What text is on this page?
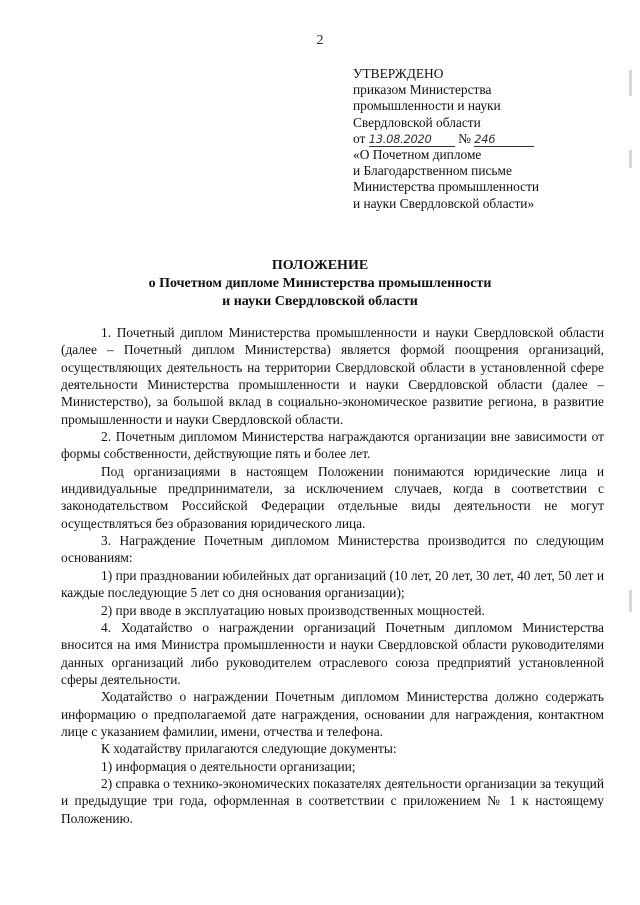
2
УТВЕРЖДЕНО
приказом Министерства
промышленности и науки
Свердловской области
от 13.08.2020 № 246
«О Почетном дипломе
и Благодарственном письме
Министерства промышленности
и науки Свердловской области»
ПОЛОЖЕНИЕ
о Почетном дипломе Министерства промышленности
и науки Свердловской области

1. Почетный диплом Министерства промышленности и науки Свердловской области (далее – Почетный диплом Министерства) является формой поощрения организаций, осуществляющих деятельность на территории Свердловской области в установленной сфере деятельности Министерства промышленности и науки Свердловской области (далее – Министерство), за большой вклад в социально-экономическое развитие региона, в развитие промышленности и науки Свердловской области.

2. Почетным дипломом Министерства награждаются организации вне зависимости от формы собственности, действующие пять и более лет.

Под организациями в настоящем Положении понимаются юридические лица и индивидуальные предприниматели, за исключением случаев, когда в соответствии с законодательством Российской Федерации отдельные виды деятельности не могут осуществляться без образования юридического лица.

3. Награждение Почетным дипломом Министерства производится по следующим основаниям:

1) при праздновании юбилейных дат организаций (10 лет, 20 лет, 30 лет, 40 лет, 50 лет и каждые последующие 5 лет со дня основания организации);

2) при вводе в эксплуатацию новых производственных мощностей.

4. Ходатайство о награждении организаций Почетным дипломом Министерства вносится на имя Министра промышленности и науки Свердловской области руководителями данных организаций либо руководителем отраслевого союза предприятий установленной сферы деятельности.

Ходатайство о награждении Почетным дипломом Министерства должно содержать информацию о предполагаемой дате награждения, основании для награждения, контактном лице с указанием фамилии, имени, отчества и телефона.

К ходатайству прилагаются следующие документы:

1) информация о деятельности организации;

2) справка о технико-экономических показателях деятельности организации за текущий и предыдущие три года, оформленная в соответствии с приложением № 1 к настоящему Положению.
